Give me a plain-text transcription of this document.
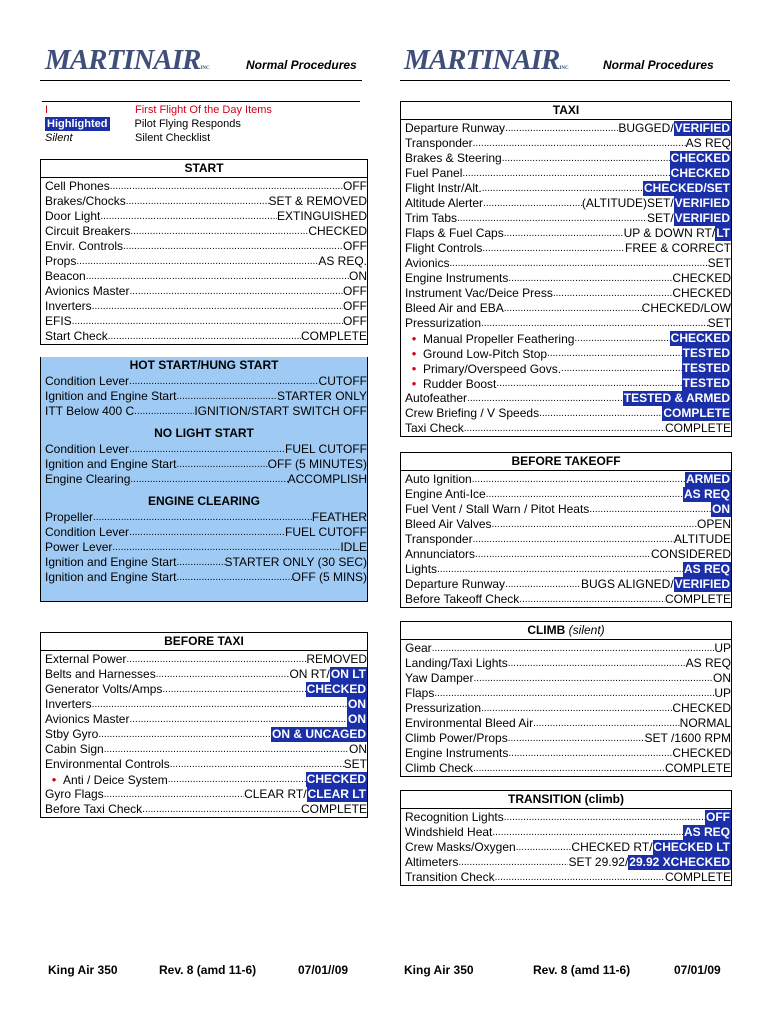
MARTINAIRINC	Normal Procedures MARTINAIRINC	Normal Procedures
I	First Flight Of the Day Items
Highlighted Pilot Flying Responds
Silent	Silent Checklist
START
Cell Phones .....	OFF
Brakes/Chocks .....	SET & REMOVED
Door Light .....	EXTINGUISHED
Circuit Breakers .....	CHECKED
Envir. Controls .....	OFF
Props .....	AS REQ.
Beacon .....	ON
Avionics Master .....	OFF
Inverters .....	OFF
EFIS .....	OFF
Start Check .....	COMPLETE
HOT START/HUNG START
Condition Lever .....	CUTOFF
Ignition and Engine Start .....	STARTER ONLY
ITT Below 400 C .....	IGNITION/START SWITCH OFF
NO LIGHT START
Condition Lever .....	FUEL CUTOFF
Ignition and Engine Start .....	OFF (5 MINUTES)
Engine Clearing .....	ACCOMPLISH
ENGINE CLEARING
Propeller .....	FEATHER
Condition Lever .....	FUEL CUTOFF
Power Lever .....	IDLE
Ignition and Engine Start .....	STARTER ONLY (30 SEC)
Ignition and Engine Start .....	OFF (5 MINS)
BEFORE TAXI
External Power .....	REMOVED
Belts and Harnesses .....	ON RT/ ON LT
Generator Volts/Amps .....	CHECKED
Inverters .....	ON
Avionics Master .....	ON
Stby Gyro .....	ON & UNCAGED
Cabin Sign .....	ON
Environmental Controls .....	SET
• Anti / Deice System .....	CHECKED
Gyro Flags .....	CLEAR RT/ CLEAR LT
Before Taxi Check .....	COMPLETE
TAXI
Departure Runway .....	BUGGED/ VERIFIED
Transponder .....	AS REQ
Brakes & Steering .....	CHECKED
Fuel Panel .....	CHECKED
Flight Instr/Alt. .....	CHECKED/SET
Altitude Alerter .....	(ALTITUDE)SET/ VERIFIED
Trim Tabs .....	SET/ VERIFIED
Flaps & Fuel Caps .....	UP & DOWN RT/ LT
Flight Controls .....	FREE & CORRECT
Avionics .....	SET
Engine Instruments .....	CHECKED
Instrument Vac/Deice Press .....	CHECKED
Bleed Air and EBA .....	CHECKED/LOW
Pressurization .....	SET
• Manual Propeller Feathering .....	CHECKED
• Ground Low-Pitch Stop .....	TESTED
• Primary/Overspeed Govs. .....	TESTED
• Rudder Boost .....	TESTED
Autofeather .....	TESTED & ARMED
Crew Briefing / V Speeds .....	COMPLETE
Taxi Check .....	COMPLETE
BEFORE TAKEOFF
Auto Ignition .....	ARMED
Engine Anti-Ice .....	AS REQ
Fuel Vent / Stall Warn / Pitot Heats .....	ON
Bleed Air Valves .....	OPEN
Transponder .....	ALTITUDE
Annunciators .....	CONSIDERED
Lights .....	AS REQ
Departure Runway .....	BUGS ALIGNED/ VERIFIED
Before Takeoff Check .....	COMPLETE
CLIMB (silent)
Gear .....	UP
Landing/Taxi Lights .....	AS REQ
Yaw Damper .....	ON
Flaps .....	UP
Pressurization .....	CHECKED
Environmental Bleed Air .....	NORMAL
Climb Power/Props .....	SET /1600 RPM
Engine Instruments .....	CHECKED
Climb Check .....	COMPLETE
TRANSITION (climb)
Recognition Lights .....	OFF
Windshield Heat .....	AS REQ
Crew Masks/Oxygen .....	CHECKED RT/ CHECKED LT
Altimeters .....	SET 29.92/ 29.92 XCHECKED
Transition Check .....	COMPLETE
King Air 350	Rev. 8 (amd 11-6)	07/01//09	King Air 350	Rev. 8 (amd 11-6)	07/01/09
